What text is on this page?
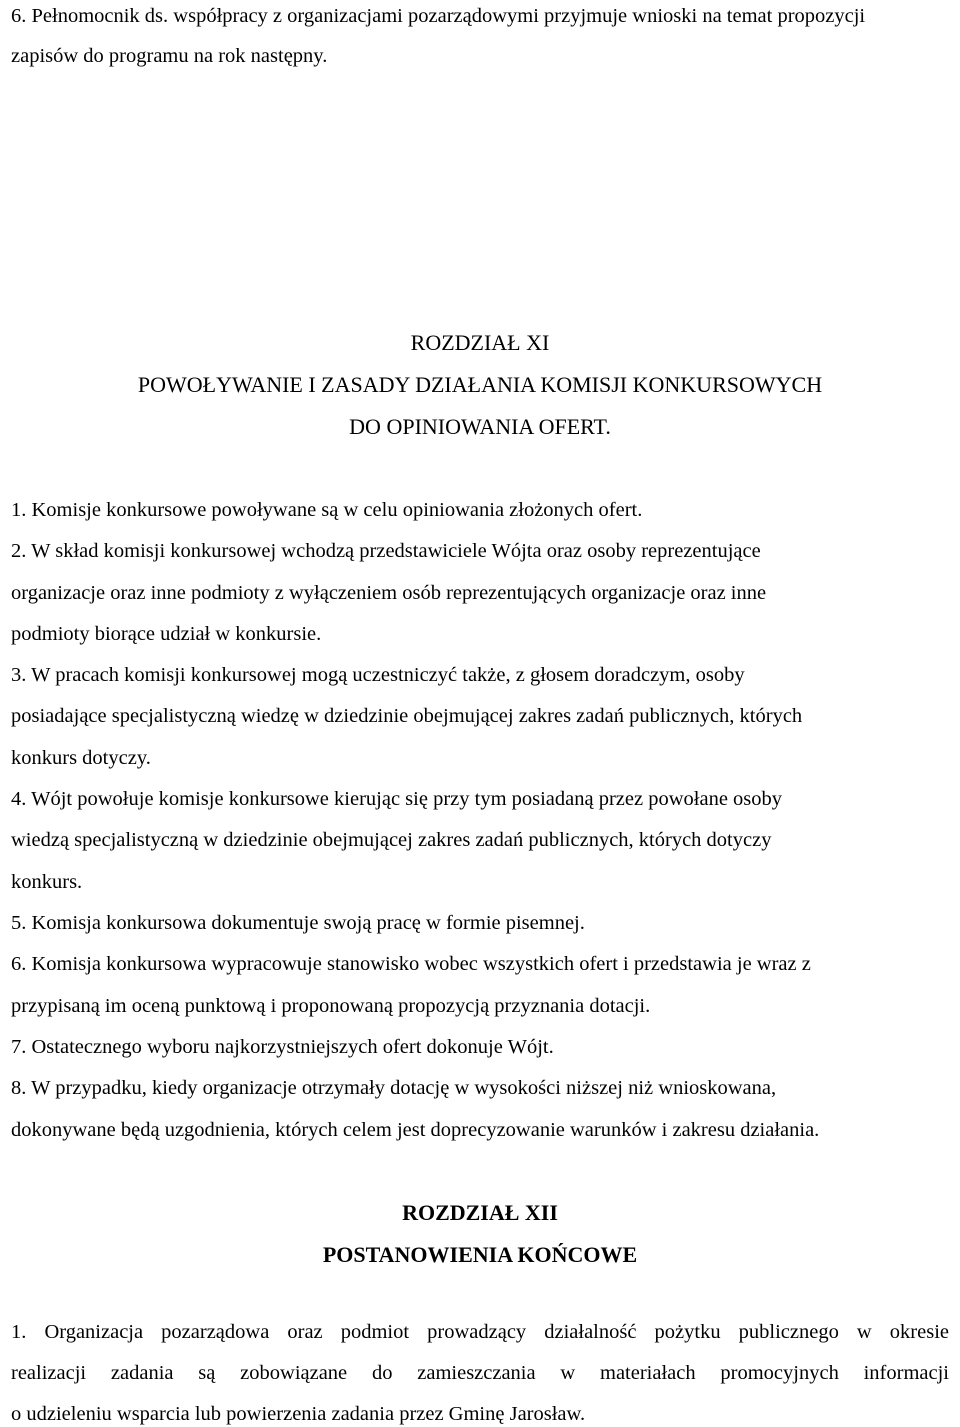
6. Pełnomocnik ds. współpracy z organizacjami pozarządowymi przyjmuje wnioski na temat propozycji

zapisów do programu na rok następny.

ROZDZIAŁ XI

POWOŁYWANIE I ZASADY DZIAŁANIA KOMISJI KONKURSOWYCH

DO OPINIOWANIA OFERT.

1. Komisje konkursowe powoływane są w celu opiniowania złożonych ofert.

2. W skład komisji konkursowej wchodzą przedstawiciele Wójta oraz osoby reprezentujące

organizacje oraz inne podmioty z wyłączeniem osób reprezentujących organizacje oraz inne

podmioty biorące udział w konkursie.

3. W pracach komisji konkursowej mogą uczestniczyć także, z głosem doradczym, osoby

posiadające specjalistyczną wiedzę w dziedzinie obejmującej zakres zadań publicznych, których

konkurs dotyczy.

4. Wójt powołuje komisje konkursowe kierując się przy tym posiadaną przez powołane osoby

wiedzą specjalistyczną w dziedzinie obejmującej zakres zadań publicznych, których dotyczy

konkurs.

5. Komisja konkursowa dokumentuje swoją pracę w formie pisemnej.

6. Komisja konkursowa wypracowuje stanowisko wobec wszystkich ofert i przedstawia je wraz z

przypisaną im oceną punktową i proponowaną propozycją przyznania dotacji.

7. Ostatecznego wyboru najkorzystniejszych ofert dokonuje Wójt.

8. W przypadku, kiedy organizacje otrzymały dotację w wysokości niższej niż wnioskowana,

dokonywane będą uzgodnienia, których celem jest doprecyzowanie warunków i zakresu działania.

ROZDZIAŁ XII

POSTANOWIENIA KOŃCOWE

1. Organizacja pozarządowa oraz podmiot prowadzący działalność pożytku publicznego w okresie

realizacji zadania są zobowiązane do zamieszczania w materiałach promocyjnych informacji

o udzieleniu wsparcia lub powierzenia zadania przez Gminę Jarosław.
